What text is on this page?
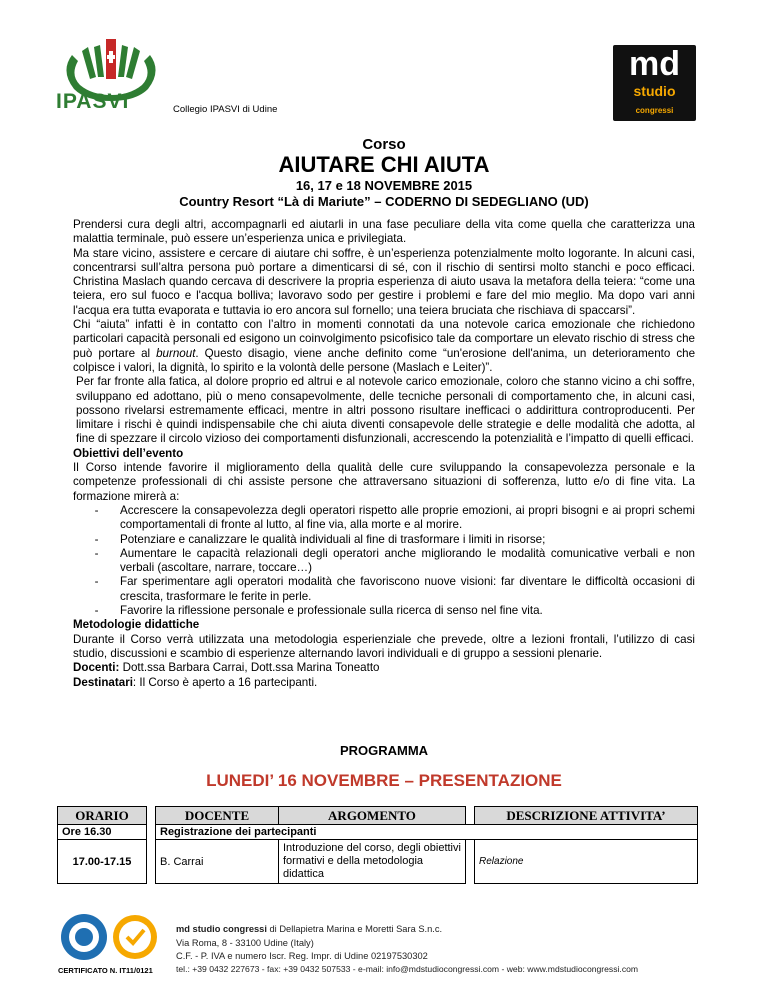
IPASVI	Collegio IPASVI di Udine
md
studio
congressi
Corso
AIUTARE CHI AIUTA
16, 17 e 18 NOVEMBRE 2015
Country Resort “Là di Mariute” – CODERNO DI SEDEGLIANO (UD)

Prendersi cura degli altri, accompagnarli ed aiutarli in una fase peculiare della vita come quella che caratterizza una malattia terminale, può essere un’esperienza unica e privilegiata.

Ma stare vicino, assistere e cercare di aiutare chi soffre, è un’esperienza potenzialmente molto logorante. In alcuni casi, concentrarsi sull’altra persona può portare a dimenticarsi di sé, con il rischio di sentirsi molto stanchi e poco efficaci. Christina Maslach quando cercava di descrivere la propria esperienza di aiuto usava la metafora della teiera: “come una teiera, ero sul fuoco e l'acqua bolliva; lavoravo sodo per gestire i problemi e fare del mio meglio. Ma dopo vari anni l'acqua era tutta evaporata e tuttavia io ero ancora sul fornello; una teiera bruciata che rischiava di spaccarsi”.

Chi “aiuta” infatti è in contatto con l’altro in momenti connotati da una notevole carica emozionale che richiedono particolari capacità personali ed esigono un coinvolgimento psicofisico tale da comportare un elevato rischio di stress che può portare al burnout. Questo disagio, viene anche definito come “un'erosione dell'anima, un deterioramento che colpisce i valori, la dignità, lo spirito e la volontà delle persone (Maslach e Leiter)”.

Per far fronte alla fatica, al dolore proprio ed altrui e al notevole carico emozionale, coloro che stanno vicino a chi soffre, sviluppano ed adottano, più o meno consapevolmente, delle tecniche personali di comportamento che, in alcuni casi, possono rivelarsi estremamente efficaci, mentre in altri possono risultare inefficaci o addirittura controproducenti. Per limitare i rischi è quindi indispensabile che chi aiuta diventi consapevole delle strategie e delle modalità che adotta, al fine di spezzare il circolo vizioso dei comportamenti disfunzionali, accrescendo la potenzialità e l’impatto di quelli efficaci.

Obiettivi dell’evento

Il Corso intende favorire il miglioramento della qualità delle cure sviluppando la consapevolezza personale e la competenze professionali di chi assiste persone che attraversano situazioni di sofferenza, lutto e/o di fine vita. La formazione mirerà a:

-	Accrescere la consapevolezza degli operatori rispetto alle proprie emozioni, ai propri bisogni e ai propri schemi comportamentali di fronte al lutto, al fine via, alla morte e al morire.
-	Potenziare e canalizzare le qualità individuali al fine di trasformare i limiti in risorse;
-	Aumentare le capacità relazionali degli operatori anche migliorando le modalità comunicative verbali e non verbali (ascoltare, narrare, toccare…)
-	Far sperimentare agli operatori modalità che favoriscono nuove visioni: far diventare le difficoltà occasioni di crescita, trasformare le ferite in perle.
-	Favorire la riflessione personale e professionale sulla ricerca di senso nel fine vita.

Metodologie didattiche

Durante il Corso verrà utilizzata una metodologia esperienziale che prevede, oltre a lezioni frontali, l’utilizzo di casi studio, discussioni e scambio di esperienze alternando lavori individuali e di gruppo a sessioni plenarie.

Docenti: Dott.ssa Barbara Carrai, Dott.ssa Marina Toneatto

Destinatari: Il Corso è aperto a 16 partecipanti.

PROGRAMMA
LUNEDI’ 16 NOVEMBRE – PRESENTAZIONE
ORARIO		DOCENTE	ARGOMENTO		DESCRIZIONE ATTIVITA’
Ore 16.30		Registrazione dei partecipanti			
17.00-17.15		B. Carrai	Introduzione del corso, degli obiettivi formativi e della metodologia didattica		Relazione
CERTIFICATO N. IT11/0121
md studio congressi di Dellapietra Marina e Moretti Sara S.n.c.
Via Roma, 8 - 33100 Udine (Italy)
C.F. - P. IVA e numero Iscr. Reg. Impr. di Udine 02197530302
tel.: +39 0432 227673 - fax: +39 0432 507533 - e-mail: info@mdstudiocongressi.com - web: www.mdstudiocongressi.com
